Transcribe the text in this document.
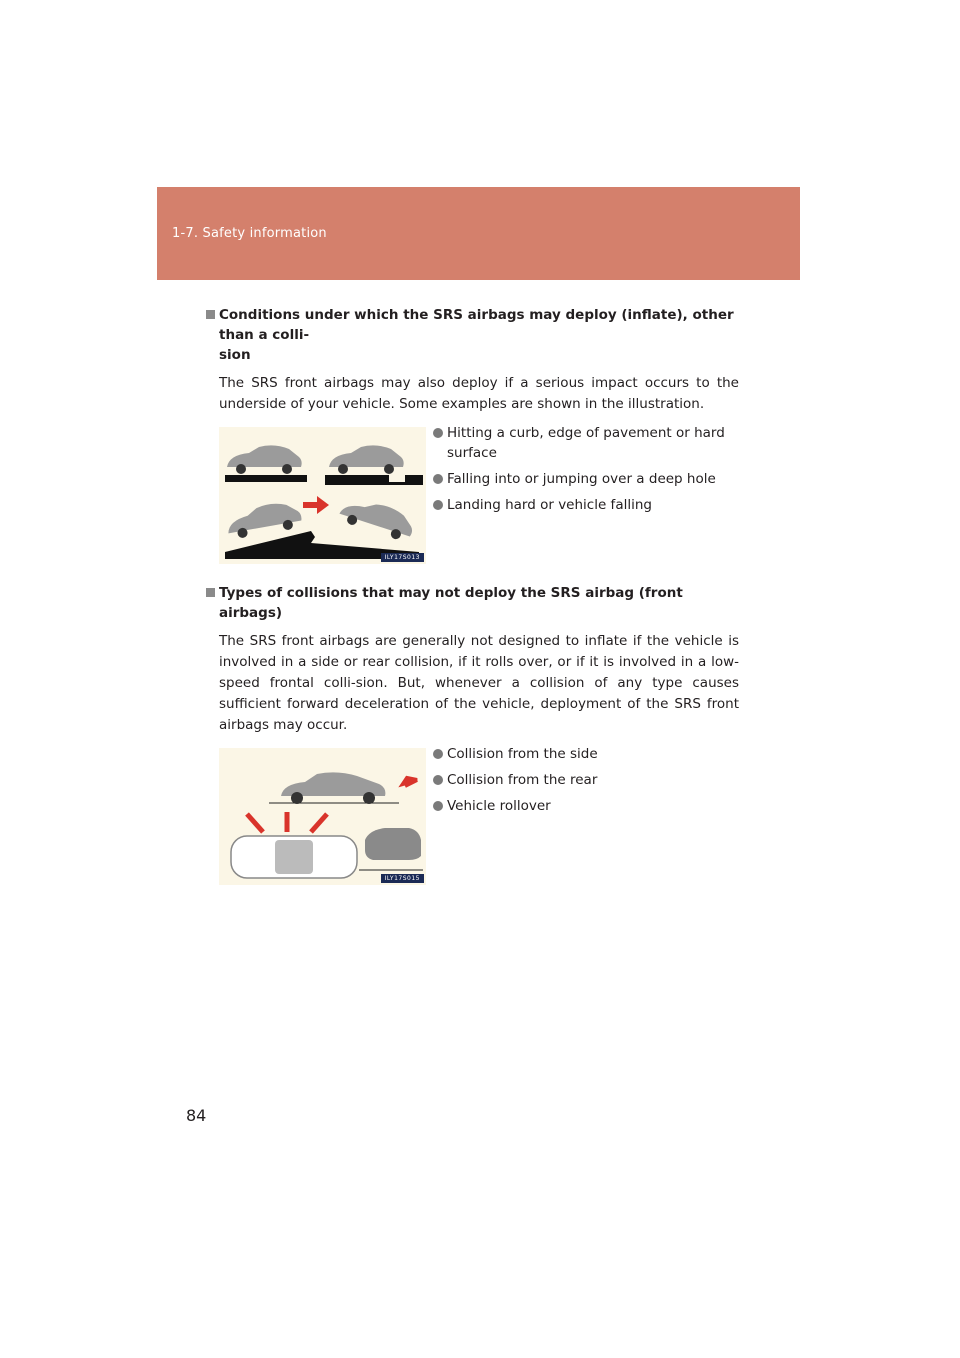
1-7. Safety information
Conditions under which the SRS airbags may deploy (inflate), other than a colli-
sion

The SRS front airbags may also deploy if a serious impact occurs to the underside of your vehicle. Some examples are shown in the illustration.

ILY17S013
Hitting a curb, edge of pavement or hard surface
Falling into or jumping over a deep hole
Landing hard or vehicle falling
Types of collisions that may not deploy the SRS airbag (front airbags)

The SRS front airbags are generally not designed to inflate if the vehicle is involved in a side or rear collision, if it rolls over, or if it is involved in a low-speed frontal colli-sion. But, whenever a collision of any type causes sufficient forward deceleration of the vehicle, deployment of the SRS front airbags may occur.

ILY17S015
Collision from the side
Collision from the rear
Vehicle rollover
84
